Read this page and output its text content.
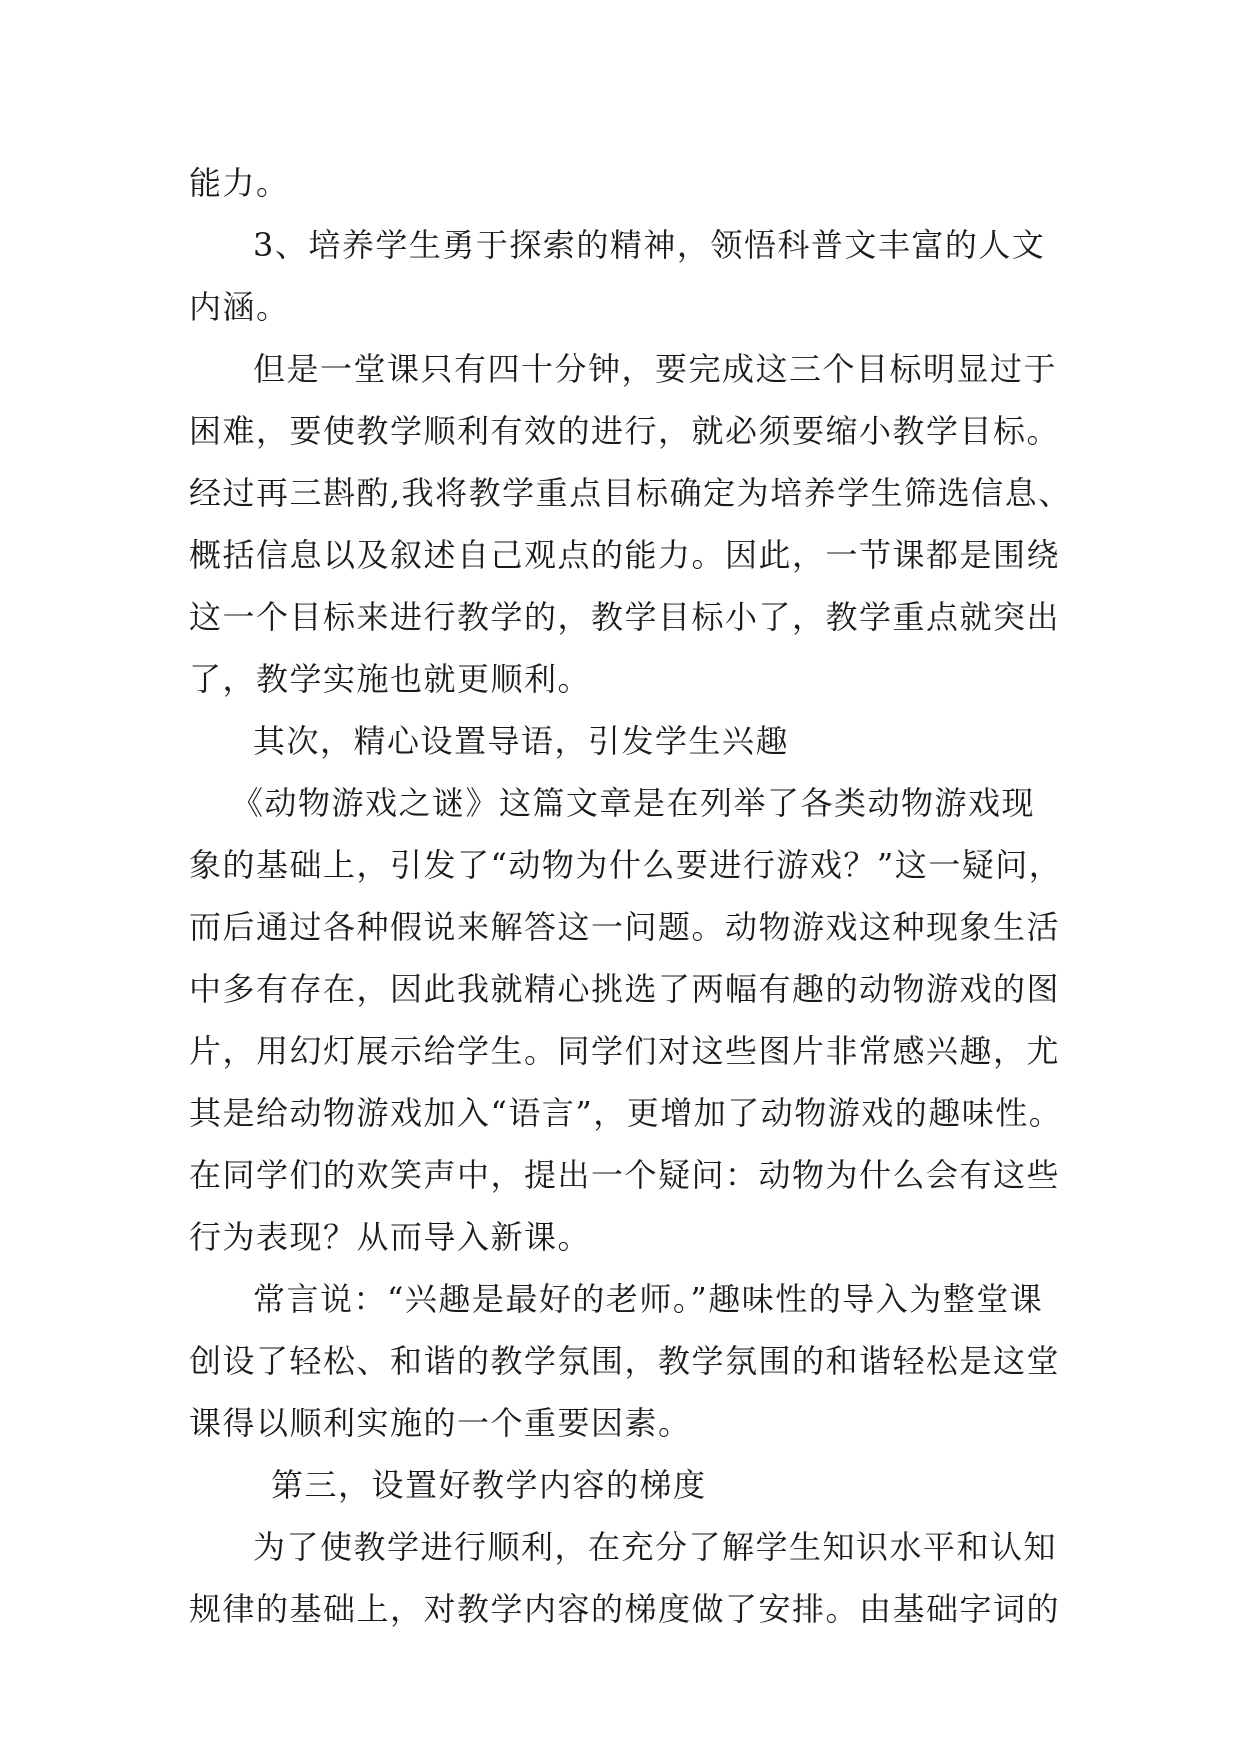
能力。
3、培养学生勇于探索的精神，领悟科普文丰富的人文
内涵。
但是一堂课只有四十分钟，要完成这三个目标明显过于
困难，要使教学顺利有效的进行，就必须要缩小教学目标。
经过再三斟酌,我将教学重点目标确定为培养学生筛选信息、
概括信息以及叙述自己观点的能力。因此，一节课都是围绕
这一个目标来进行教学的，教学目标小了，教学重点就突出
了，教学实施也就更顺利。
其次，精心设置导语，引发学生兴趣
《动物游戏之谜》这篇文章是在列举了各类动物游戏现
象的基础上，引发了“动物为什么要进行游戏？”这一疑问，
而后通过各种假说来解答这一问题。动物游戏这种现象生活
中多有存在，因此我就精心挑选了两幅有趣的动物游戏的图
片，用幻灯展示给学生。同学们对这些图片非常感兴趣，尤
其是给动物游戏加入“语言”，更增加了动物游戏的趣味性。
在同学们的欢笑声中，提出一个疑问：动物为什么会有这些
行为表现？从而导入新课。
常言说：“兴趣是最好的老师。”趣味性的导入为整堂课
创设了轻松、和谐的教学氛围，教学氛围的和谐轻松是这堂
课得以顺利实施的一个重要因素。
第三，设置好教学内容的梯度
为了使教学进行顺利，在充分了解学生知识水平和认知
规律的基础上，对教学内容的梯度做了安排。由基础字词的
